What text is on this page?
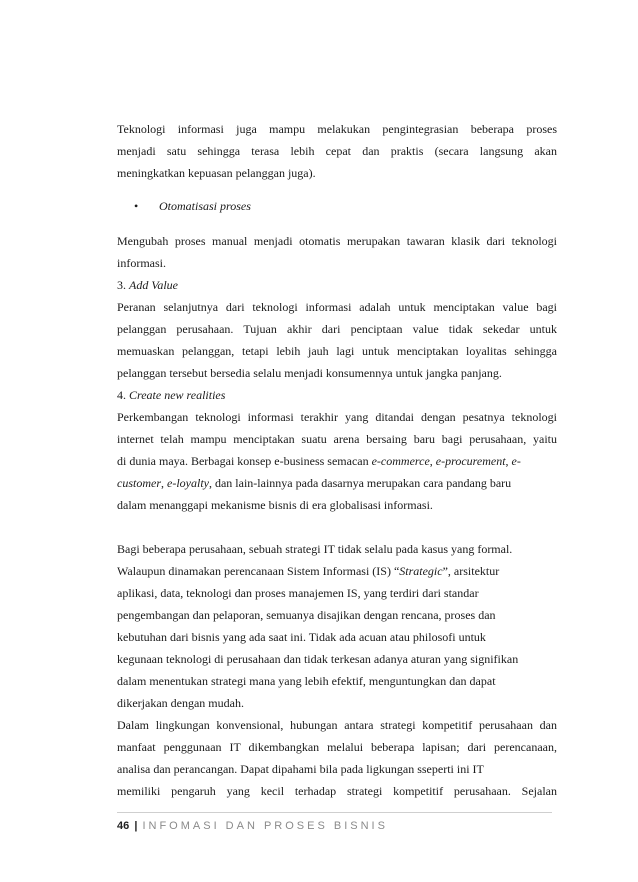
Teknologi informasi juga mampu melakukan pengintegrasian beberapa proses
menjadi satu sehingga terasa lebih cepat dan praktis (secara langsung akan
meningkatkan kepuasan pelanggan juga).
• Otomatisasi proses
Mengubah proses manual menjadi otomatis merupakan tawaran klasik dari teknologi
informasi.
3. Add Value
Peranan selanjutnya dari teknologi informasi adalah untuk menciptakan value bagi
pelanggan perusahaan. Tujuan akhir dari penciptaan value tidak sekedar untuk
memuaskan pelanggan, tetapi lebih jauh lagi untuk menciptakan loyalitas sehingga
pelanggan tersebut bersedia selalu menjadi konsumennya untuk jangka panjang.
4. Create new realities
Perkembangan teknologi informasi terakhir yang ditandai dengan pesatnya teknologi
internet telah mampu menciptakan suatu arena bersaing baru bagi perusahaan, yaitu
di dunia maya. Berbagai konsep e-business semacan e-commerce, e-procurement, e-
customer, e-loyalty, dan lain-lainnya pada dasarnya merupakan cara pandang baru
dalam menanggapi mekanisme bisnis di era globalisasi informasi.
Bagi beberapa perusahaan, sebuah strategi IT tidak selalu pada kasus yang formal.
Walaupun dinamakan perencanaan Sistem Informasi (IS) “Strategic”, arsitektur
aplikasi, data, teknologi dan proses manajemen IS, yang terdiri dari standar
pengembangan dan pelaporan, semuanya disajikan dengan rencana, proses dan
kebutuhan dari bisnis yang ada saat ini. Tidak ada acuan atau philosofi untuk
kegunaan teknologi di perusahaan dan tidak terkesan adanya aturan yang signifikan
dalam menentukan strategi mana yang lebih efektif, menguntungkan dan dapat
dikerjakan dengan mudah.
Dalam lingkungan konvensional, hubungan antara strategi kompetitif perusahaan dan
manfaat penggunaan IT dikembangkan melalui beberapa lapisan; dari perencanaan,
analisa dan perancangan. Dapat dipahami bila pada ligkungan sseperti ini IT
memiliki pengaruh yang kecil terhadap strategi kompetitif perusahaan. Sejalan
46 | INFOMASI DAN PROSES BISNIS
